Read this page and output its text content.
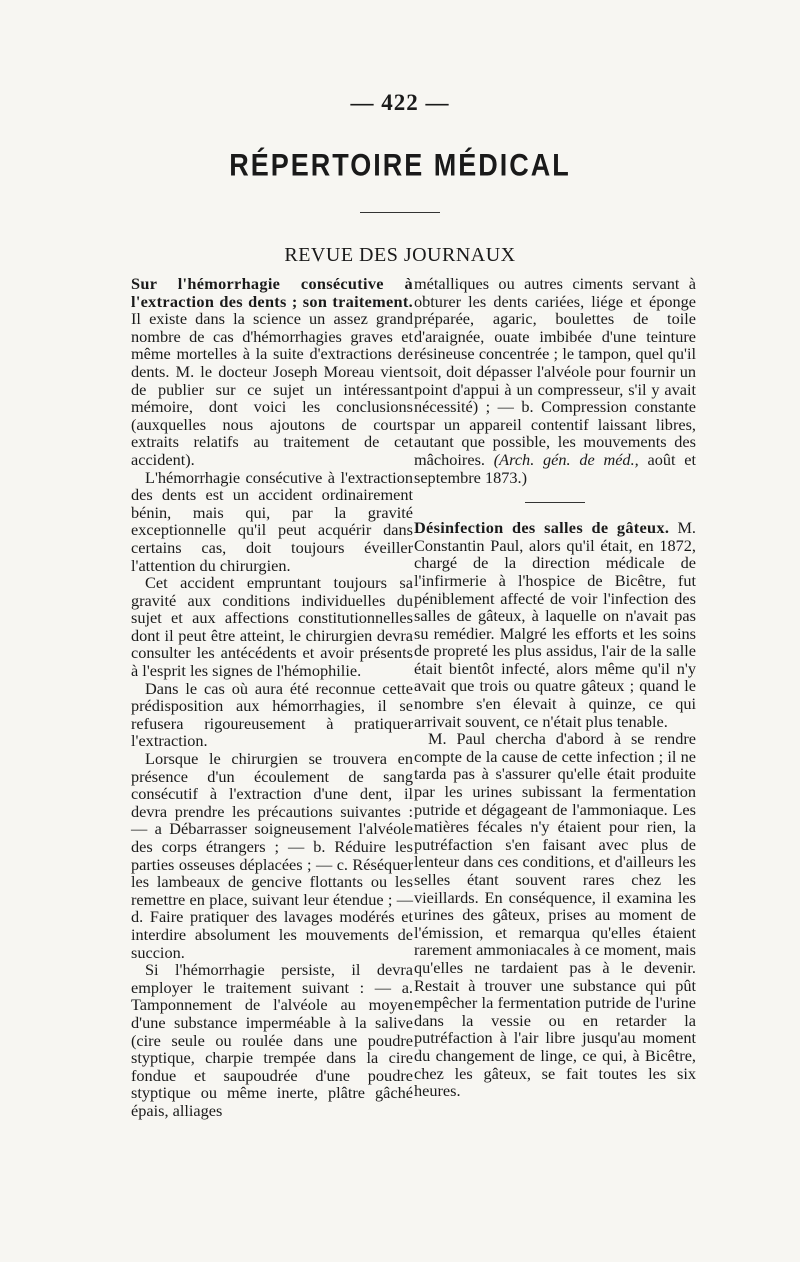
— 422 —
RÉPERTOIRE MÉDICAL
REVUE DES JOURNAUX

Sur l'hémorrhagie consécutive à l'extraction des dents ; son traitement. Il existe dans la science un assez grand nombre de cas d'hémorrhagies graves et même mortelles à la suite d'extractions de dents. M. le docteur Joseph Moreau vient de publier sur ce sujet un intéressant mémoire, dont voici les conclusions (auxquelles nous ajoutons de courts extraits relatifs au traitement de cet accident).

L'hémorrhagie consécutive à l'extraction des dents est un accident ordinairement bénin, mais qui, par la gravité exceptionnelle qu'il peut acquérir dans certains cas, doit toujours éveiller l'attention du chirurgien.

Cet accident empruntant toujours sa gravité aux conditions individuelles du sujet et aux affections constitutionnelles dont il peut être atteint, le chirurgien devra consulter les antécédents et avoir présents à l'esprit les signes de l'hémophilie.

Dans le cas où aura été reconnue cette prédisposition aux hémorrhagies, il se refusera rigoureusement à pratiquer l'extraction.

Lorsque le chirurgien se trouvera en présence d'un écoulement de sang consécutif à l'extraction d'une dent, il devra prendre les précautions suivantes : — a Débarrasser soigneusement l'alvéole des corps étrangers ; — b. Réduire les parties osseuses déplacées ; — c. Réséquer les lambeaux de gencive flottants ou les remettre en place, suivant leur étendue ; — d. Faire pratiquer des lavages modérés et interdire absolument les mouvements de succion.

Si l'hémorrhagie persiste, il devra employer le traitement suivant : — a. Tamponnement de l'alvéole au moyen d'une substance imperméable à la salive (cire seule ou roulée dans une poudre styptique, charpie trempée dans la cire fondue et saupoudrée d'une poudre styptique ou même inerte, plâtre gâché épais, alliages

métalliques ou autres ciments servant à obturer les dents cariées, liége et éponge préparée, agaric, boulettes de toile d'araignée, ouate imbibée d'une teinture résineuse concentrée ; le tampon, quel qu'il soit, doit dépasser l'alvéole pour fournir un point d'appui à un compresseur, s'il y avait nécessité) ; — b. Compression constante par un appareil contentif laissant libres, autant que possible, les mouvements des mâchoires. (Arch. gén. de méd., août et septembre 1873.)

Désinfection des salles de gâteux. M. Constantin Paul, alors qu'il était, en 1872, chargé de la direction médicale de l'infirmerie à l'hospice de Bicêtre, fut péniblement affecté de voir l'infection des salles de gâteux, à laquelle on n'avait pas su remédier. Malgré les efforts et les soins de propreté les plus assidus, l'air de la salle était bientôt infecté, alors même qu'il n'y avait que trois ou quatre gâteux ; quand le nombre s'en élevait à quinze, ce qui arrivait souvent, ce n'était plus tenable.

M. Paul chercha d'abord à se rendre compte de la cause de cette infection ; il ne tarda pas à s'assurer qu'elle était produite par les urines subissant la fermentation putride et dégageant de l'ammoniaque. Les matières fécales n'y étaient pour rien, la putréfaction s'en faisant avec plus de lenteur dans ces conditions, et d'ailleurs les selles étant souvent rares chez les vieillards. En conséquence, il examina les urines des gâteux, prises au moment de l'émission, et remarqua qu'elles étaient rarement ammoniacales à ce moment, mais qu'elles ne tardaient pas à le devenir. Restait à trouver une substance qui pût empêcher la fermentation putride de l'urine dans la vessie ou en retarder la putréfaction à l'air libre jusqu'au moment du changement de linge, ce qui, à Bicêtre, chez les gâteux, se fait toutes les six heures.
